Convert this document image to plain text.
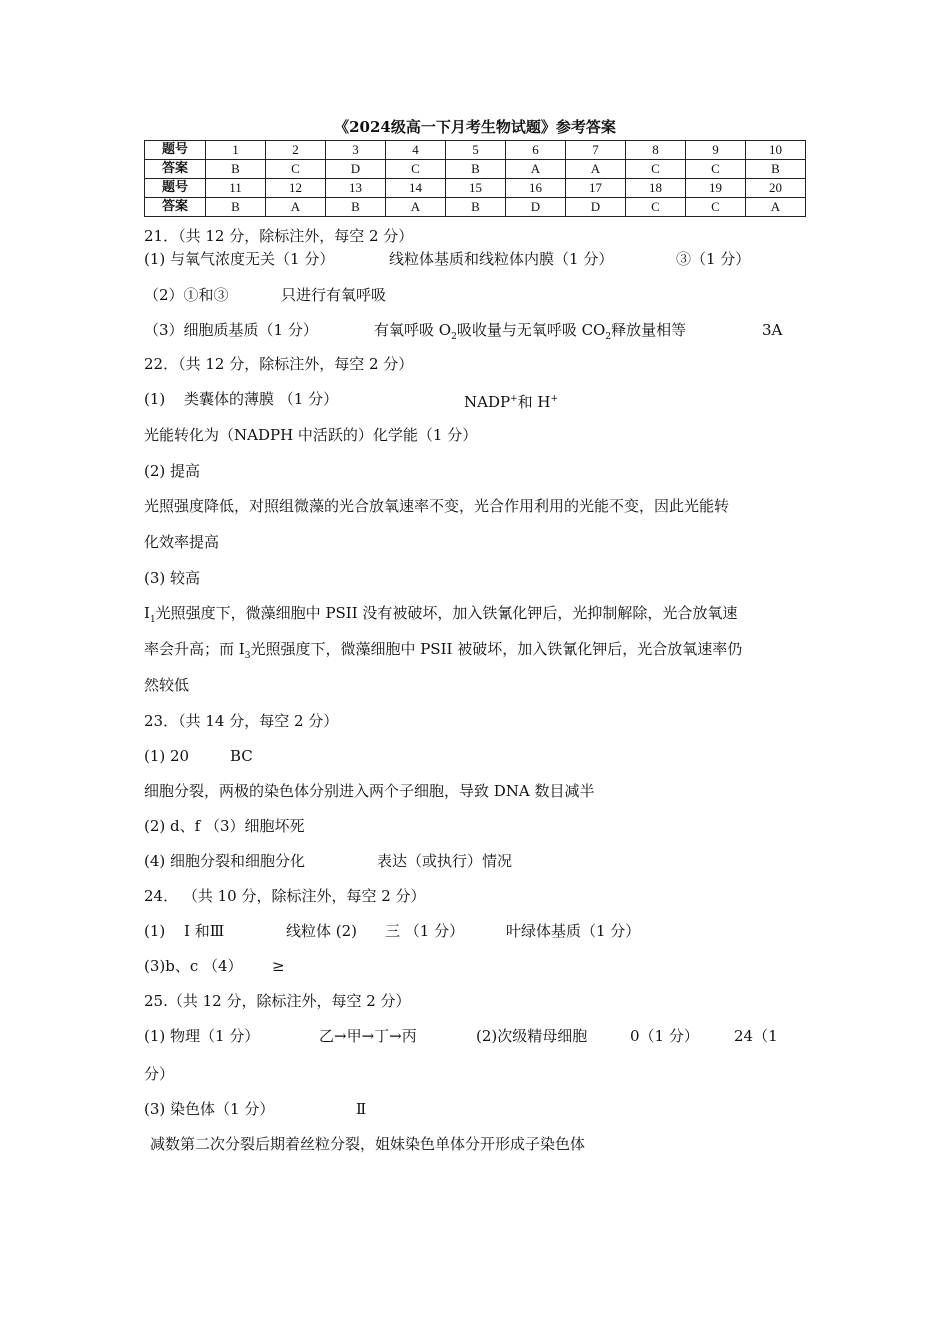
《2024级高一下月考生物试题》参考答案
题号	1	2	3	4	5	6	7	8	9	10
答案	B	C	D	C	B	A	A	C	C	B
题号	11	12	13	14	15	16	17	18	19	20
答案	B	A	B	A	B	D	D	C	C	A
21．（共 12 分，除标注外，每空 2 分）
(1) 与氧气浓度无关（1 分）	线粒体基质和线粒体内膜（1 分）	③（1 分）
（2）①和③	只进行有氧呼吸
（3）细胞质基质（1 分）	有氧呼吸 $O_2$吸收量与无氧呼吸 $CO_2$释放量相等	3A
22．（共 12 分，除标注外，每空 2 分）
(1) 类囊体的薄膜 （1 分）	NADP+和 H+
光能转化为（NADPH 中活跃的）化学能（1 分）
(2) 提高
光照强度降低，对照组微藻的光合放氧速率不变，光合作用利用的光能不变，因此光能转
化效率提高
(3) 较高
$I_1$光照强度下，微藻细胞中 PSII 没有被破坏，加入铁氰化钾后，光抑制解除，光合放氧速
率会升高；而 $I_3$光照强度下，微藻细胞中 PSII 被破坏，加入铁氰化钾后，光合放氧速率仍
然较低
23．（共 14 分，每空 2 分）
(1) 20	BC
细胞分裂，两极的染色体分别进入两个子细胞，导致 DNA 数目减半
(2) d、f （3）细胞坏死
(4) 细胞分裂和细胞分化	表达（或执行）情况
24． （共 10 分，除标注外，每空 2 分）
(1) I 和Ⅲ	线粒体 (2) 三 （1 分）	叶绿体基质（1 分）
(3)b、c （4） ≥
25.（共 12 分，除标注外，每空 2 分）
(1) 物理（1 分）	乙→甲→丁→丙	(2)次级精母细胞	0（1 分） 24（1
分）
(3) 染色体（1 分）	Ⅱ
减数第二次分裂后期着丝粒分裂，姐妹染色单体分开形成子染色体
